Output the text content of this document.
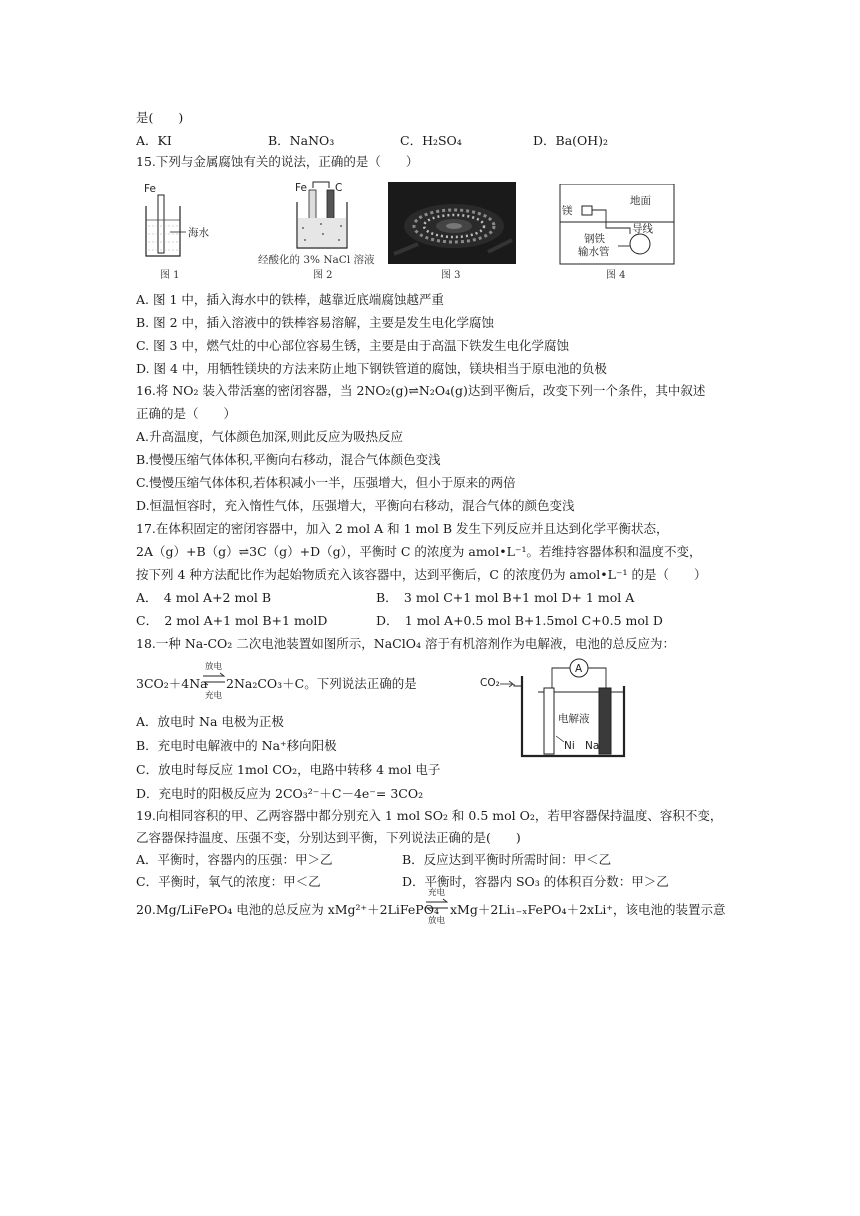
是(　　)
A．KI	B．NaNO₃	C．H₂SO₄	D．Ba(OH)₂
15.下列与金属腐蚀有关的说法，正确的是（　　）
Fe
海水
图 1
Fe	C
经酸化的 3% NaCl 溶液
图 2	图 3
镁
地面
导线
钢铁
输水管
图 4
A. 图 1 中，插入海水中的铁棒，越靠近底端腐蚀越严重
B. 图 2 中，插入溶液中的铁棒容易溶解，主要是发生电化学腐蚀
C. 图 3 中，燃气灶的中心部位容易生锈，主要是由于高温下铁发生电化学腐蚀
D. 图 4 中，用牺牲镁块的方法来防止地下钢铁管道的腐蚀，镁块相当于原电池的负极
16.将 NO₂ 装入带活塞的密闭容器，当 2NO₂(g)⇌N₂O₄(g)达到平衡后，改变下列一个条件，其中叙述
正确的是（　　）
A.升高温度，气体颜色加深,则此反应为吸热反应
B.慢慢压缩气体体积,平衡向右移动，混合气体颜色变浅
C.慢慢压缩气体体积,若体积减小一半，压强增大，但小于原来的两倍
D.恒温恒容时，充入惰性气体，压强增大，平衡向右移动，混合气体的颜色变浅
17.在体积固定的密闭容器中，加入 2 mol A 和 1 mol B 发生下列反应并且达到化学平衡状态，
2A（g）+B（g）⇌3C（g）+D（g），平衡时 C 的浓度为 amol•L⁻¹。若维持容器体积和温度不变，
按下列 4 种方法配比作为起始物质充入该容器中，达到平衡后，C 的浓度仍为 amol•L⁻¹ 的是（　　）
A．　4 mol A+2 mol B	B．　3 mol C+1 mol B+1 mol D+ 1 mol A
C．　2 mol A+1 mol B+1 molD	D．　1 mol A+0.5 mol B+1.5mol C+0.5 mol D
18.一种 Na-CO₂ 二次电池装置如图所示，NaClO₄ 溶于有机溶剂作为电解液，电池的总反应为：
3CO₂＋4Na
放电
充电
2Na₂CO₃＋C。下列说法正确的是
A
CO₂
电解液
Ni Na
A．放电时 Na 电极为正极
B．充电时电解液中的 Na⁺移向阳极
C．放电时每反应 1mol CO₂，电路中转移 4 mol 电子
D．充电时的阳极反应为 2CO₃²⁻＋C－4e⁻= 3CO₂
19.向相同容积的甲、乙两容器中都分别充入 1 mol SO₂ 和 0.5 mol O₂，若甲容器保持温度、容积不变，
乙容器保持温度、压强不变，分别达到平衡，下列说法正确的是(　　)
A．平衡时，容器内的压强：甲＞乙	B．反应达到平衡时所需时间：甲＜乙
C．平衡时，氧气的浓度：甲＜乙	D．平衡时，容器内 SO₃ 的体积百分数：甲＞乙
20.Mg/LiFePO₄ 电池的总反应为 xMg²⁺＋2LiFePO₄
充电
放电
xMg＋2Li₁₋ₓFePO₄＋2xLi⁺，该电池的装置示意
